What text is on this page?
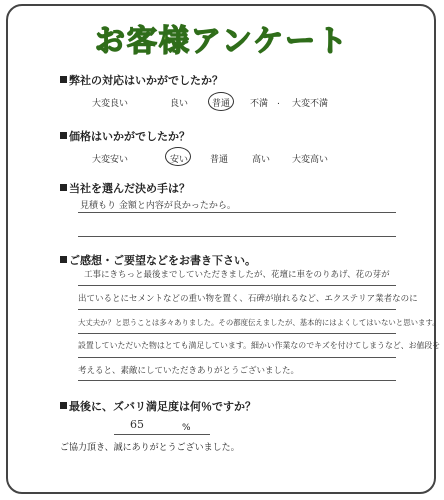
お客様アンケート
弊社の対応はいかがでしたか？
大変良い	良い	普通 不満 . 大変不満
価格はいかがでしたか？
大変安い	安い 普通	高い 大変高い
当社を選んだ決め手は？
見積もり 金額と内容が良かったから。
ご感想・ご要望などをお書き下さい。
工事にきちっと最後までしていただきましたが、花壇に車をのりあげ、花の芽が
出ているとにセメントなどの重い物を置く、石碑が崩れるなど、エクステリア業者なのに
大丈夫か？と思うことは多々ありました。その都度伝えましたが、基本的にはよくしてはいないと思います。
設置していただいた物はとても満足しています。細かい作業なのでキズを付けてしまうなど、お値段を
考えると、素敵にしていただきありがとうございました。
最後に、ズバリ満足度は何％ですか？
65	%
ご協力頂き、誠にありがとうございました。
